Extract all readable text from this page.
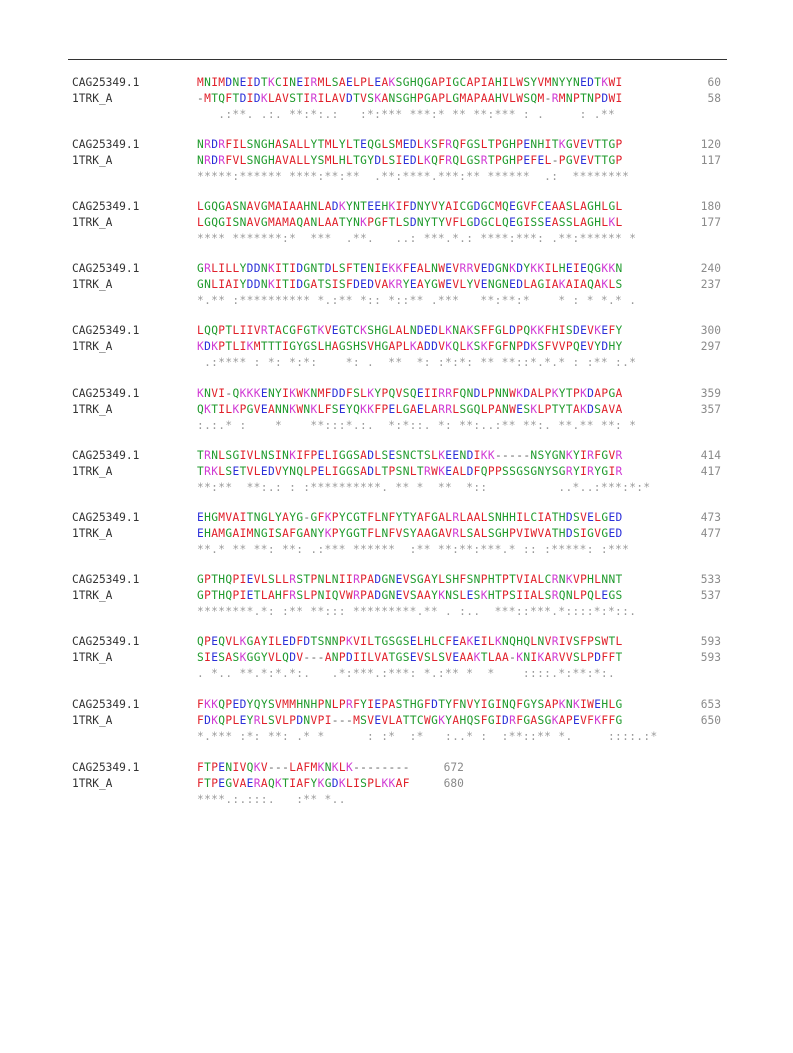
CAG25349.1	MNIMDNEIDTKCINEIRMLSAELPLEAKSGHQGAPIGCAPIAHILWSYVMNYYNEDTKWI	60
1TRK_A	-MTQFTDIDKLAVSTIRILAVDTVSKANSGHPGAPLGMAPAAHVLWSQM-RMNPTNPDWI	58
.:**. .:. **:*:.:   :*:*** ***:* ** **:*** : .     : .**
CAG25349.1	NRDRFILSNGHASALLYTMLYLTEQGLSMEDLKSFRQFGSLTPGHPENHITKGVEVTTGP	120
1TRK_A	NRDRFVLSNGHAVALLYSMLHLTGYDLSIEDLKQFRQLGSRTPGHPEFEL-PGVEVTTGP	117
*****:****** ****:**:**  .**:****.***:** ******  .:  ********
CAG25349.1	LGQGASNAVGMAIAAHNLADKYNTEEHKIFDNYVYAICGDGCMQEGVFCEAASLAGHLGL	180
1TRK_A	LGQGISNAVGMAMAQANLAATYNKPGFTLSDNYTYVFLGDGCLQEGISSEASSLAGHLKL	177
**** *******:*  ***  .**.   ..: ***.*.: ****:***: .**:****** *
CAG25349.1	GRLILLYDDNKITIDGNTDLSFTENIEKKFEALNWEVRRVEDGNKDYKKILHEIEQGKKN	240
1TRK_A	GNLIAIYDDNKITIDGATSISFDEDVAKRYEAYGWEVLYVENGNEDLAGIAKAIAQAKLS	237
*.** :********** *.:** *:: *::** .***   **:**:*    * : * *.* .
CAG25349.1	LQQPTLIIVRTACGFGTKVEGTCKSHGLALNDEDLKNAKSFFGLDPQKKFHISDEVKEFY	300
1TRK_A	KDKPTLIKMTTTIGYGSLHAGSHSVHGAPLKADDVKQLKSKFGFNPDKSFVVPQEVYDHY	297
.:**** : *: *:*:    *: .  **  *: :*:*: ** **::*.*.* : :** :.*
CAG25349.1	KNVI-QKKKENYIKWKNMFDDFSLKYPQVSQEIIRRFQNDLPNNWKDALPKYTPKDAPGA	359
1TRK_A	QKTILKPGVEANNKWNKLFSEYQKKFPELGAELARRLSGQLPANWESKLPTYTAKDSAVA	357
:.:.* :    *    **:::*.:.  *:*::. *: **:..:** **:. **.** **: *
CAG25349.1	TRNLSGIVLNSINKIFPELIGGSADLSESNCTSLKEENDIKK-----NSYGNKYIRFGVR	414
1TRK_A	TRKLSETVLEDVYNQLPELIGGSADLTPSNLTRWKEALDFQPPSSGSGNYSGRYIRYGIR	417
**:**  **:.: : :**********. ** *  **  *::          ..*..:***:*:*
CAG25349.1	EHGMVAITNGLYAYG-GFKPYCGTFLNFYTYAFGALRLAALSNHHILCIATHDSVELGED	473
1TRK_A	EHAMGAIMNGISAFGANYKPYGGTFLNFVSYAAGAVRLSALSGHPVIWVATHDSIGVGED	477
**.* ** **: **: .:*** ******  :** **:**:***.* :: :*****: :***
CAG25349.1	GPTHQPIEVLSLLRSTPNLNIIRPADGNEVSGAYLSHFSNPHTPTVIALCRNKVPHLNNT	533
1TRK_A	GPTHQPIETLAHFRSLPNIQVWRPADGNEVSAAYKNSLESKHTPSIIALSRQNLPQLEGS	537
********.*: :** **::: *********.** . :..  ***::***.*::::*:*::.
CAG25349.1	QPEQVLKGAYILEDFDTSNNPKVILTGSGSELHLCFEAKEILKNQHQLNVRIVSFPSWTL	593
1TRK_A	SIESASKGGYVLQDV---ANPDIILVATGSEVSLSVEAAKTLAA-KNIKARVVSLPDFFT	593
. *.. **.*:*.*:.   .*:***.:***: *.:** *  *    ::::.*:**:*:.
CAG25349.1	FKKQPEDYQYSVMMHNHPNLPRFYIEPASTHGFDTYFNVYIGINQFGYSAPKNKIWEHLG	653
1TRK_A	FDKQPLEYRLSVLPDNVPI---MSVEVLATTCWGKYAHQSFGIDRFGASGKAPEVFKFFG	650
*.*** :*: **: .* *      : :*  :*   :..* :  :**::** *.     ::::.:*
CAG25349.1	FTPENIVQKV---LAFMKNKLK--------	672
1TRK_A	FTPEGVAERAQKTIAFYKGDKLISPLKKAF	680
****.:.:::.   :** *..
